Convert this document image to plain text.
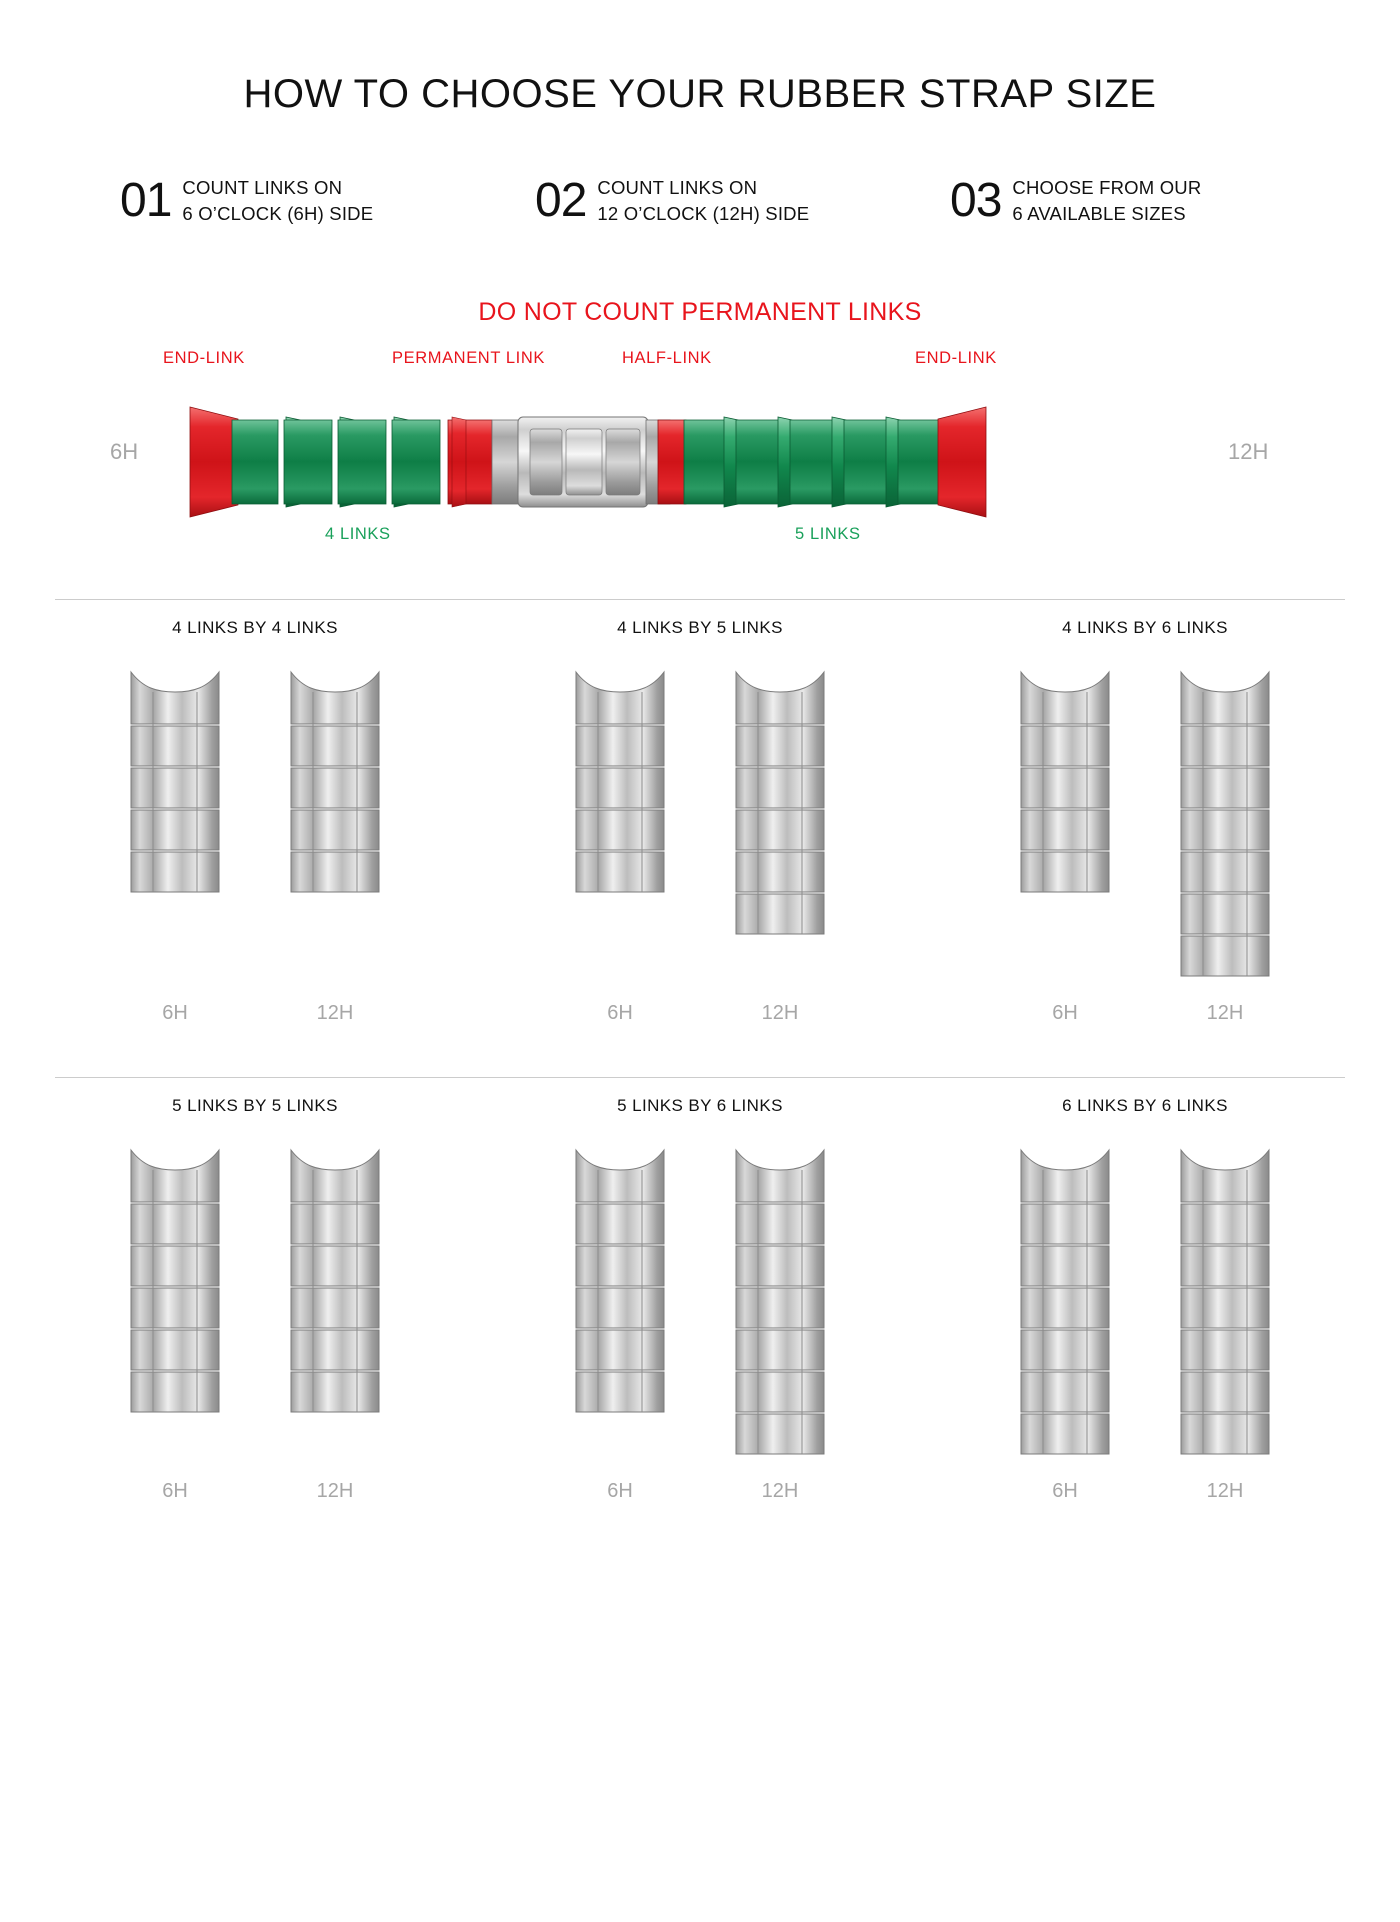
HOW TO CHOOSE YOUR RUBBER STRAP SIZE
01 COUNT LINKS ON
6 O’CLOCK (6H) SIDE	02 COUNT LINKS ON
12 O’CLOCK (12H) SIDE	03 CHOOSE FROM OUR
6 AVAILABLE SIZES
DO NOT COUNT PERMANENT LINKS
END-LINK	PERMANENT LINK	HALF-LINK	END-LINK
6H	12H
4 LINKS	5 LINKS
4 LINKS BY 4 LINKS
6H	12H
4 LINKS BY 5 LINKS
6H	12H
4 LINKS BY 6 LINKS
6H	12H
5 LINKS BY 5 LINKS
6H	12H
5 LINKS BY 6 LINKS
6H	12H
6 LINKS BY 6 LINKS
6H	12H
